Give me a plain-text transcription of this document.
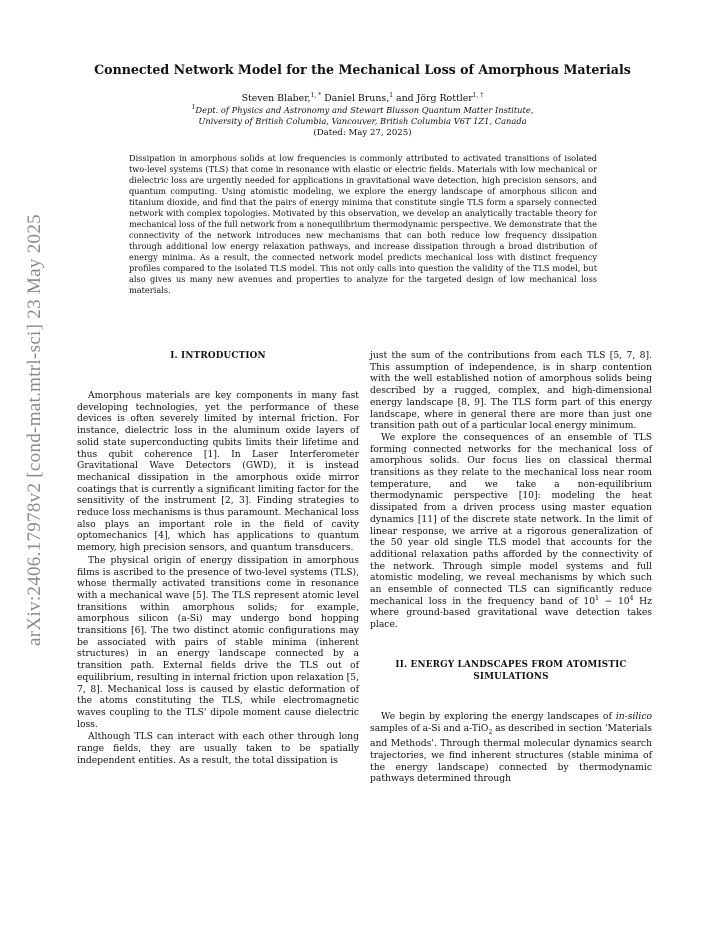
arXiv:2406.17978v2 [cond-mat.mtrl-sci] 23 May 2025
Connected Network Model for the Mechanical Loss of Amorphous Materials
Steven Blaber,$^{1, *}$ Daniel Bruns,$^1$ and Jörg Rottler$^{1, \dagger}$
$^1$Dept. of Physics and Astronomy and Stewart Blusson Quantum Matter Institute,
University of British Columbia, Vancouver, British Columbia V6T 1Z1, Canada
(Dated: May 27, 2025)
Dissipation in amorphous solids at low frequencies is commonly attributed to activated transitions of isolated two-level systems (TLS) that come in resonance with elastic or electric fields. Materials with low mechanical or dielectric loss are urgently needed for applications in gravitational wave detection, high precision sensors, and quantum computing. Using atomistic modeling, we explore the energy landscape of amorphous silicon and titanium dioxide, and find that the pairs of energy minima that constitute single TLS form a sparsely connected network with complex topologies. Motivated by this observation, we develop an analytically tractable theory for mechanical loss of the full network from a nonequilibrium thermodynamic perspective. We demonstrate that the connectivity of the network introduces new mechanisms that can both reduce low frequency dissipation through additional low energy relaxation pathways, and increase dissipation through a broad distribution of energy minima. As a result, the connected network model predicts mechanical loss with distinct frequency profiles compared to the isolated TLS model. This not only calls into question the validity of the TLS model, but also gives us many new avenues and properties to analyze for the targeted design of low mechanical loss materials.
I. INTRODUCTION

Amorphous materials are key components in many fast developing technologies, yet the performance of these devices is often severely limited by internal friction. For instance, dielectric loss in the aluminum oxide layers of solid state superconducting qubits limits their lifetime and thus qubit coherence [1]. In Laser Interferometer Gravitational Wave Detectors (GWD), it is instead mechanical dissipation in the amorphous oxide mirror coatings that is currently a significant limiting factor for the sensitivity of the instrument [2, 3]. Finding strategies to reduce loss mechanisms is thus paramount. Mechanical loss also plays an important role in the field of cavity optomechanics [4], which has applications to quantum memory, high precision sensors, and quantum transducers.

The physical origin of energy dissipation in amorphous films is ascribed to the presence of two-level systems (TLS), whose thermally activated transitions come in resonance with a mechanical wave [5]. The TLS represent atomic level transitions within amorphous solids; for example, amorphous silicon (a-Si) may undergo bond hopping transitions [6]. The two distinct atomic configurations may be associated with pairs of stable minima (inherent structures) in an energy landscape connected by a transition path. External fields drive the TLS out of equilibrium, resulting in internal friction upon relaxation [5, 7, 8]. Mechanical loss is caused by elastic deformation of the atoms constituting the TLS, while electromagnetic waves coupling to the TLS' dipole moment cause dielectric loss.

Although TLS can interact with each other through long range fields, they are usually taken to be spatially independent entities. As a result, the total dissipation is

just the sum of the contributions from each TLS [5, 7, 8]. This assumption of independence, is in sharp contention with the well established notion of amorphous solids being described by a rugged, complex, and high-dimensional energy landscape [8, 9]. The TLS form part of this energy landscape, where in general there are more than just one transition path out of a particular local energy minimum.

We explore the consequences of an ensemble of TLS forming connected networks for the mechanical loss of amorphous solids. Our focus lies on classical thermal transitions as they relate to the mechanical loss near room temperature, and we take a non-equilibrium thermodynamic perspective [10]: modeling the heat dissipated from a driven process using master equation dynamics [11] of the discrete state network. In the limit of linear response, we arrive at a rigorous generalization of the 50 year old single TLS model that accounts for the additional relaxation paths afforded by the connectivity of the network. Through simple model systems and full atomistic modeling, we reveal mechanisms by which such an ensemble of connected TLS can significantly reduce mechanical loss in the frequency band of $10^1 - 10^4$ Hz where ground-based gravitational wave detection takes place.

II. ENERGY LANDSCAPES FROM ATOMISTIC
SIMULATIONS

We begin by exploring the energy landscapes of in-silico samples of a-Si and a-TiO$_2$ as described in section 'Materials and Methods'. Through thermal molecular dynamics search trajectories, we find inherent structures (stable minima of the energy landscape) connected by thermodynamic pathways determined through
